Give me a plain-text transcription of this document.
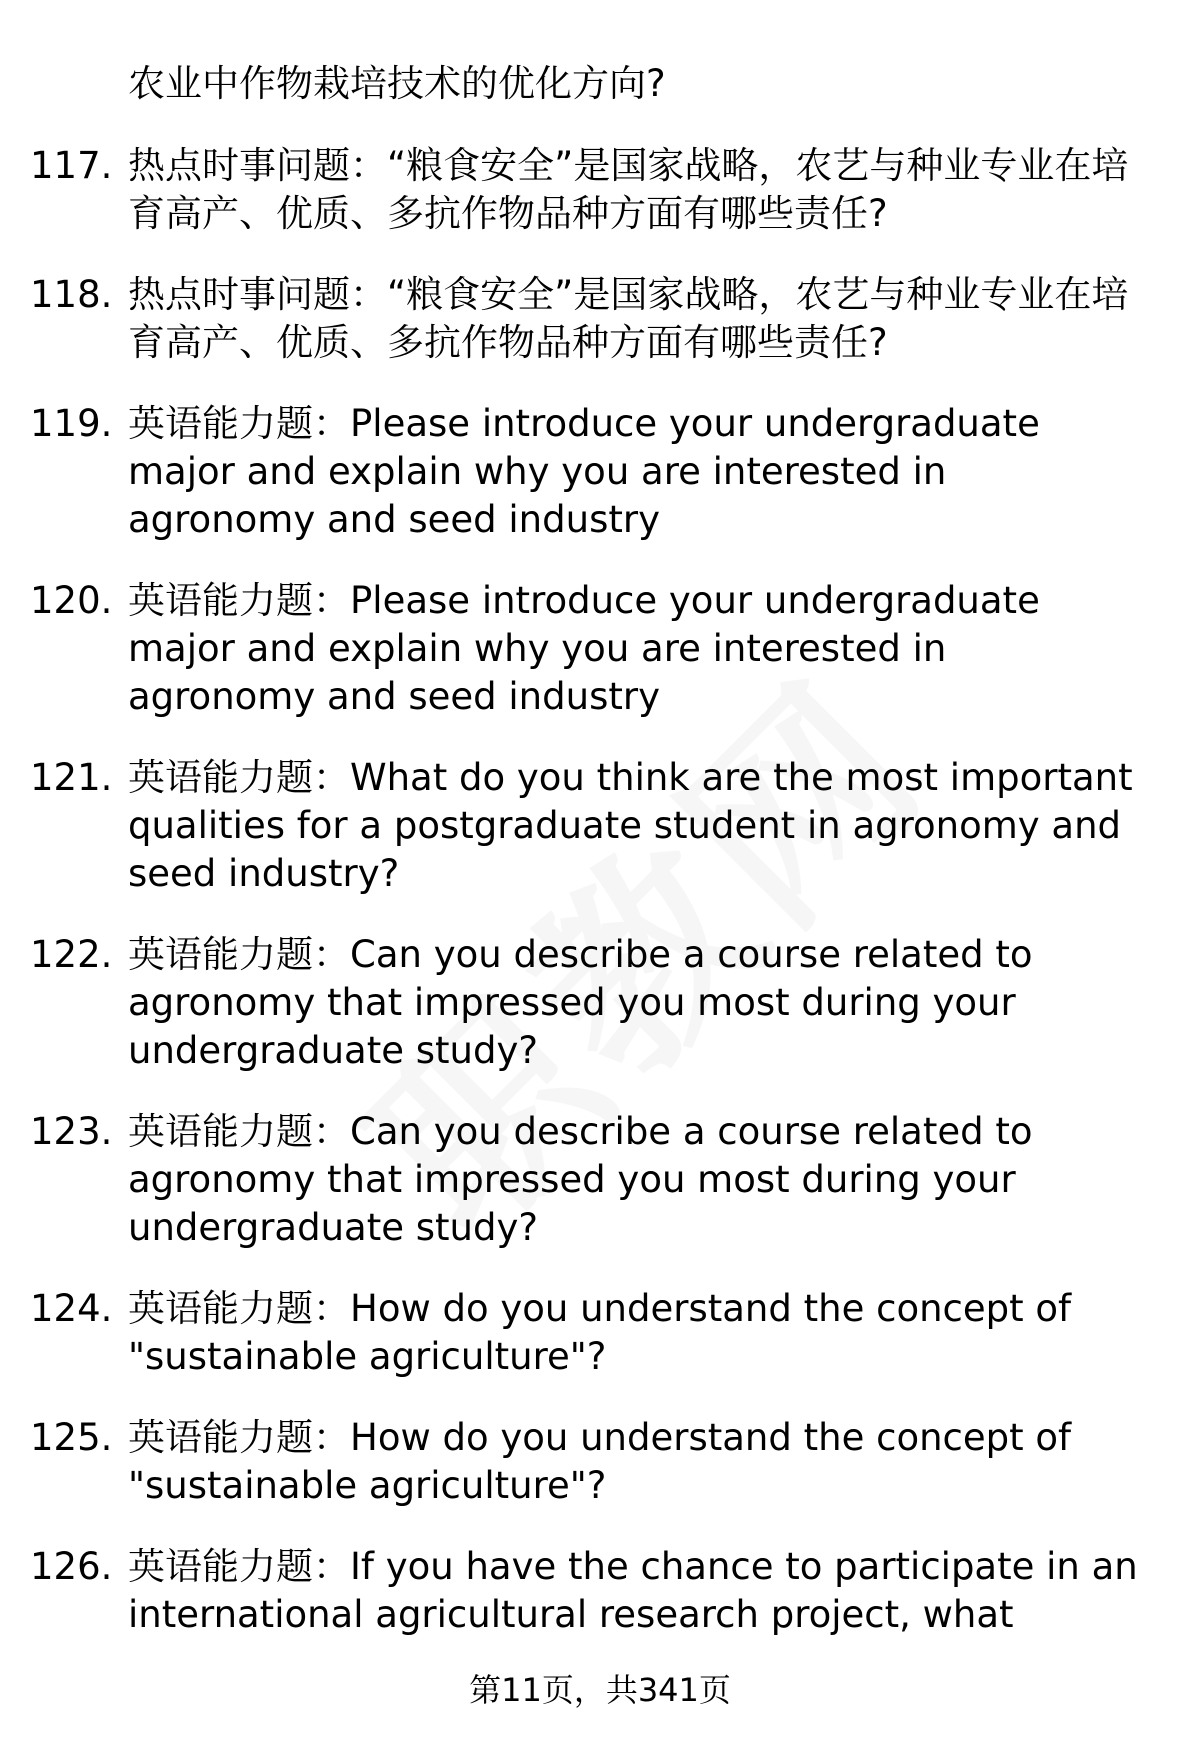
农业中作物栽培技术的优化方向?
117. 热点时事问题：“粮食安全”是国家战略，农艺与种业专业在培育高产、优质、多抗作物品种方面有哪些责任?
118. 热点时事问题：“粮食安全”是国家战略，农艺与种业专业在培育高产、优质、多抗作物品种方面有哪些责任?
119. 英语能力题：Please introduce your undergraduate major and explain why you are interested in agronomy and seed industry
120. 英语能力题：Please introduce your undergraduate major and explain why you are interested in agronomy and seed industry
121. 英语能力题：What do you think are the most important qualities for a postgraduate student in agronomy and seed industry?
122. 英语能力题：Can you describe a course related to agronomy that impressed you most during your undergraduate study?
123. 英语能力题：Can you describe a course related to agronomy that impressed you most during your undergraduate study?
124. 英语能力题：How do you understand the concept of "sustainable agriculture"?
125. 英语能力题：How do you understand the concept of "sustainable agriculture"?
126. 英语能力题：If you have the chance to participate in an international agricultural research project, what
第11页，共341页
